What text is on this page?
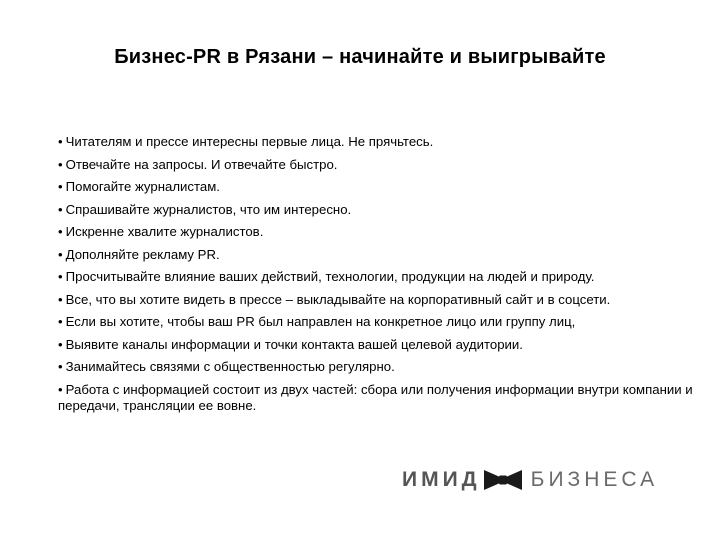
Бизнес-PR в Рязани – начинайте и выигрывайте
• Читателям и прессе интересны первые лица. Не прячьтесь.
• Отвечайте на запросы. И отвечайте быстро.
• Помогайте журналистам.
• Спрашивайте журналистов, что им интересно.
• Искренне хвалите журналистов.
• Дополняйте рекламу PR.
• Просчитывайте влияние ваших действий, технологии, продукции на людей и природу.
• Все, что вы хотите видеть в прессе – выкладывайте на корпоративный сайт и в соцсети.
• Если вы хотите, чтобы ваш PR был направлен на конкретное лицо или группу лиц,
• Выявите каналы информации и точки контакта вашей целевой аудитории.
• Занимайтесь связями с общественностью регулярно.
• Работа с информацией состоит из двух частей: сбора или получения информации внутри компании и передачи, трансляции ее вовне.
ИМИД БИЗНЕСА
